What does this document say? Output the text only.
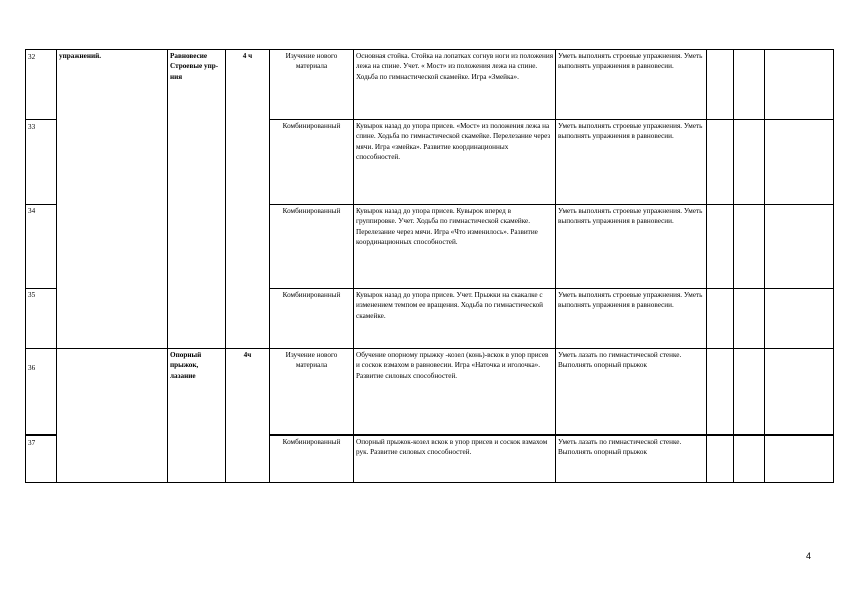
32	упражнений.	Равновесие Строевые упр-ния	4 ч	Изучение нового материала	Основная стойка. Стойка на лопатках согнув ноги из положения лежа на спине. Учет. « Мост» из положения лежа на спине. Ходьба по гимнастической скамейке. Игра «Змейка».	Уметь выполнять строевые упражнения. Уметь выполнять упражнения в равновесии.			
33				Комбинированный	Кувырок назад до упора присев. «Мост» из положения лежа на спине. Ходьба по гимнастической скамейке. Перелезание через мячи. Игра «змейка». Развитие координационных способностей.	Уметь выполнять строевые упражнения. Уметь выполнять упражнения в равновесии.			
34				Комбинированный	Кувырок назад до упора присев. Кувырок вперед в группировке. Учет. Ходьба по гимнастической скамейке. Перелезание через мячи. Игра «Что изменилось». Развитие координационных способностей.	Уметь выполнять строевые упражнения. Уметь выполнять упражнения в равновесии.			
35				Комбинированный	Кувырок назад до упора присев. Учет. Прыжки на скакалке с изменением темпом ее вращения. Ходьба по гимнастической скамейке.	Уметь выполнять строевые упражнения. Уметь выполнять упражнения в равновесии.			
36		Опорный прыжок, лазание	4ч	Изучение нового материала	Обучение опорному прыжку -козел (конь)-вскок в упор присев и соскок взмахом в равновесии. Игра «Наточка и иголочка». Развитие силовых способностей.	Уметь лазать по гимнастической стенке. Выполнять опорный прыжок			
37				Комбинированный	Опорный прыжок-козел вскок в упор присев и соскок взмахом рук. Развитие силовых способностей.	Уметь лазать по гимнастической стенке. Выполнять опорный прыжок			
4
